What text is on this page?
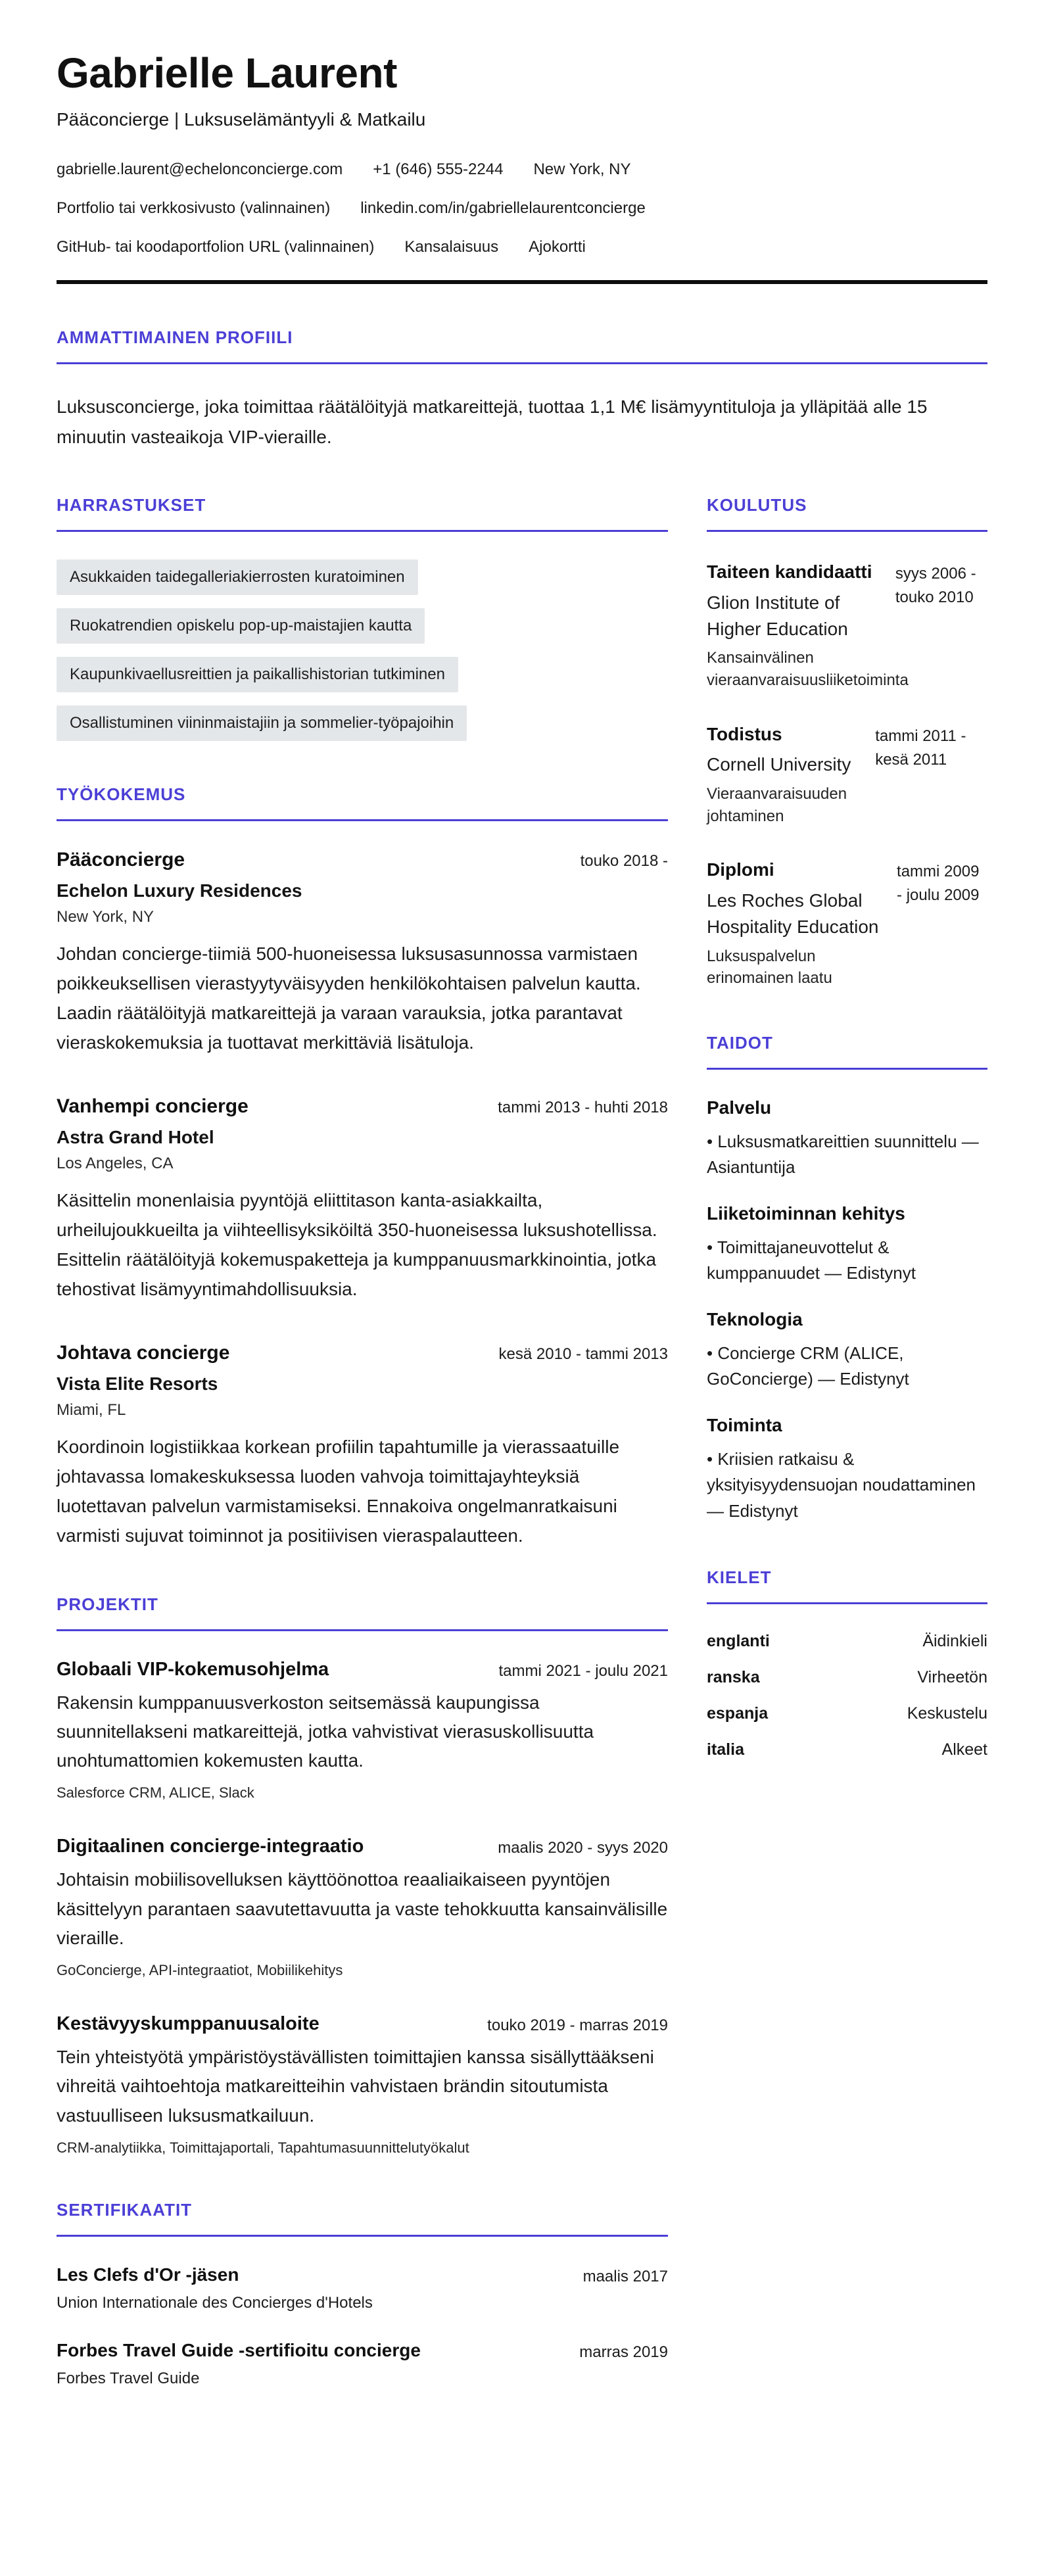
Gabrielle Laurent
Pääconcierge | Luksuselämäntyyli & Matkailu
gabrielle.laurent@echelonconcierge.com +1 (646) 555-2244 New York, NY
Portfolio tai verkkosivusto (valinnainen) linkedin.com/in/gabriellelaurentconcierge
GitHub- tai koodaportfolion URL (valinnainen) Kansalaisuus Ajokortti
AMMATTIMAINEN PROFIILI
Luksusconcierge, joka toimittaa räätälöityjä matkareittejä, tuottaa 1,1 M€ lisämyyntituloja ja ylläpitää alle 15 minuutin vasteaikoja VIP-vieraille.
HARRASTUKSET
Asukkaiden taidegalleriakierrosten kuratoiminen
Ruokatrendien opiskelu pop-up-maistajien kautta
Kaupunkivaellusreittien ja paikallishistorian tutkiminen
Osallistuminen viininmaistajiin ja sommelier-työpajoihin
TYÖKOKEMUS
Pääconcierge	touko 2018 -
Echelon Luxury Residences
New York, NY
Johdan concierge-tiimiä 500-huoneisessa luksusasunnossa varmistaen poikkeuksellisen vierastyytyväisyyden henkilökohtaisen palvelun kautta. Laadin räätälöityjä matkareittejä ja varaan varauksia, jotka parantavat vieraskokemuksia ja tuottavat merkittäviä lisätuloja.
Vanhempi concierge	tammi 2013 - huhti 2018
Astra Grand Hotel
Los Angeles, CA
Käsittelin monenlaisia pyyntöjä eliittitason kanta-asiakkailta, urheilujoukkueilta ja viihteellisyksiköiltä 350-huoneisessa luksushotellissa. Esittelin räätälöityjä kokemuspaketteja ja kumppanuusmarkkinointia, jotka tehostivat lisämyyntimahdollisuuksia.
Johtava concierge	kesä 2010 - tammi 2013
Vista Elite Resorts
Miami, FL
Koordinoin logistiikkaa korkean profiilin tapahtumille ja vierassaatuille johtavassa lomakeskuksessa luoden vahvoja toimittajayhteyksiä luotettavan palvelun varmistamiseksi. Ennakoiva ongelmanratkaisuni varmisti sujuvat toiminnot ja positiivisen vieraspalautteen.
PROJEKTIT
Globaali VIP-kokemusohjelma	tammi 2021 - joulu 2021
Rakensin kumppanuusverkoston seitsemässä kaupungissa suunnitellakseni matkareittejä, jotka vahvistivat vierasuskollisuutta unohtumattomien kokemusten kautta.
Salesforce CRM, ALICE, Slack
Digitaalinen concierge-integraatio	maalis 2020 - syys 2020
Johtaisin mobiilisovelluksen käyttöönottoa reaaliaikaiseen pyyntöjen käsittelyyn parantaen saavutettavuutta ja vaste tehokkuutta kansainvälisille vieraille.
GoConcierge, API-integraatiot, Mobiilikehitys
Kestävyyskumppanuusaloite	touko 2019 - marras 2019
Tein yhteistyötä ympäristöystävällisten toimittajien kanssa sisällyttääkseni vihreitä vaihtoehtoja matkareitteihin vahvistaen brändin sitoutumista vastuulliseen luksusmatkailuun.
CRM-analytiikka, Toimittajaportali, Tapahtumasuunnittelutyökalut
SERTIFIKAATIT
Les Clefs d'Or -jäsen	maalis 2017
Union Internationale des Concierges d'Hotels
Forbes Travel Guide -sertifioitu concierge	marras 2019
Forbes Travel Guide
KOULUTUS
Taiteen kandidaatti
Glion Institute of Higher Education
Kansainvälinen vieraanvaraisuusliiketoiminta
syys 2006 - touko 2010
Todistus
Cornell University
Vieraanvaraisuuden johtaminen
tammi 2011 - kesä 2011
Diplomi
Les Roches Global Hospitality Education
Luksuspalvelun erinomainen laatu
tammi 2009 - joulu 2009
TAIDOT
Palvelu
• Luksusmatkareittien suunnittelu — Asiantuntija
Liiketoiminnan kehitys
• Toimittajaneuvottelut & kumppanuudet — Edistynyt
Teknologia
• Concierge CRM (ALICE, GoConcierge) — Edistynyt
Toiminta
• Kriisien ratkaisu & yksityisyydensuojan noudattaminen — Edistynyt
KIELET
englanti	Äidinkieli
ranska	Virheetön
espanja	Keskustelu
italia	Alkeet
